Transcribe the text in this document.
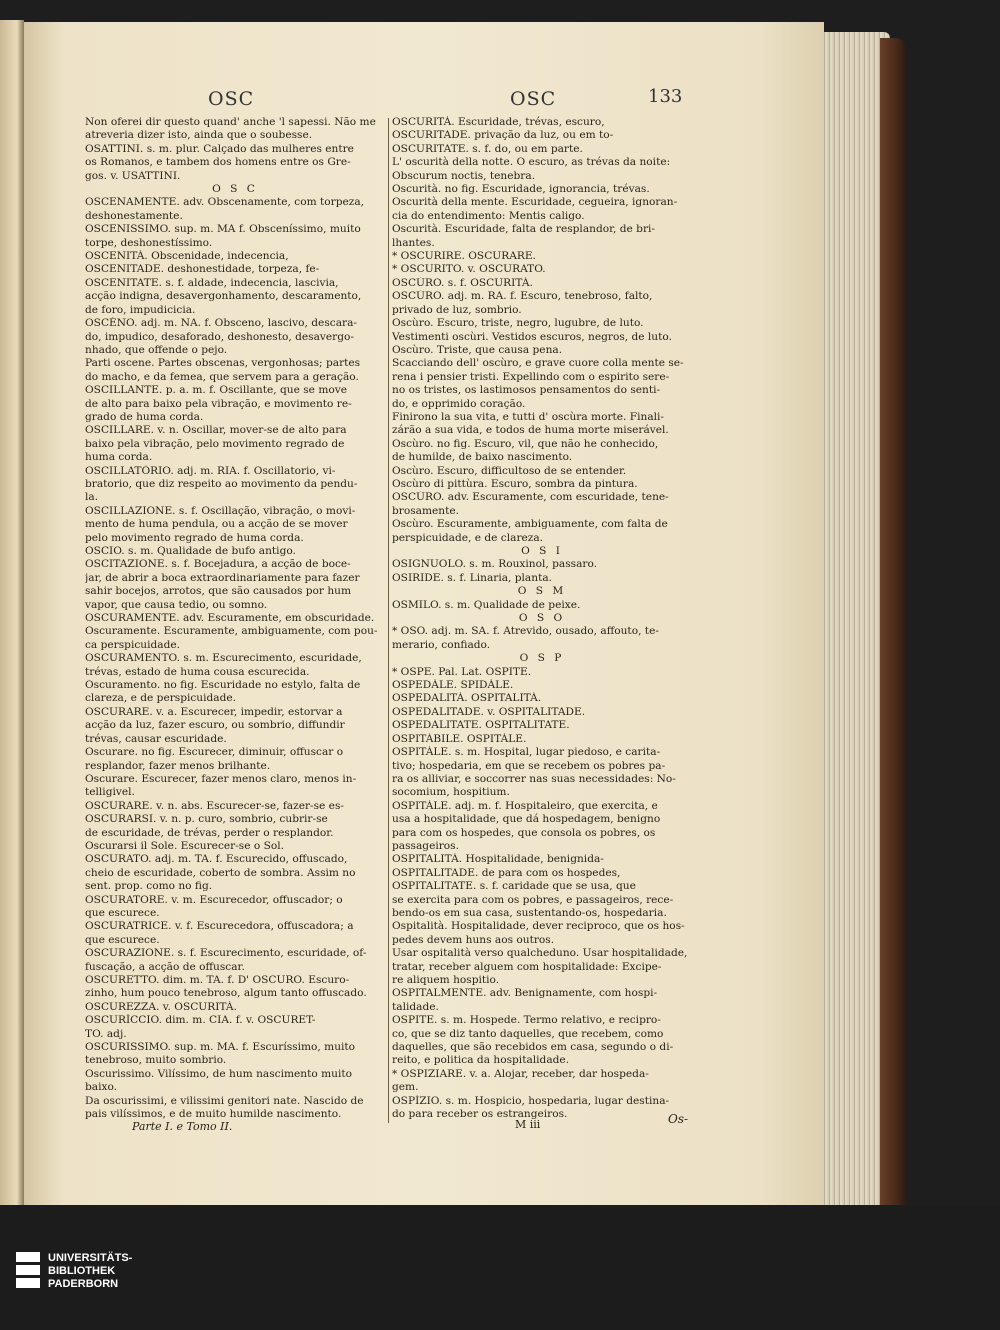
OSC	OSC	133
Non oferei dir questo quand' anche 'l sapessi. Não me
atreveria dizer isto, ainda que o soubesse.
OSATTINI. s. m. plur. Calçado das mulheres entre
os Romanos, e tambem dos homens entre os Gre-
gos. v. USATTINI.
O S C
OSCENAMENTE. adv. Obscenamente, com torpeza,
deshonestamente.
OSCENISSIMO. sup. m. MA f. Obsceníssimo, muito
torpe, deshonestíssimo.
OSCENITÀ. Obscenidade, indecencia,
OSCENITADE. deshonestidade, torpeza, fe-
OSCENITATE. s. f. aldade, indecencia, lascivia,
acção indigna, desavergonhamento, descaramento,
de foro, impudicicia.
OSCÈNO. adj. m. NA. f. Obsceno, lascivo, descara-
do, impudico, desaforado, deshonesto, desavergo-
nhado, que offende o pejo.
Parti oscene. Partes obscenas, vergonhosas; partes
do macho, e da femea, que servem para a geração.
OSCILLANTE. p. a. m. f. Oscillante, que se move
de alto para baixo pela vibração, e movimento re-
grado de huma corda.
OSCILLARE. v. n. Oscillar, mover-se de alto para
baixo pela vibração, pelo movimento regrado de
huma corda.
OSCILLATÒRIO. adj. m. RIA. f. Oscillatorio, vi-
bratorio, que diz respeito ao movimento da pendu-
la.
OSCILLAZIONE. s. f. Oscillação, vibração, o movi-
mento de huma pendula, ou a acção de se mover
pelo movimento regrado de huma corda.
OSCIO. s. m. Qualidade de bufo antigo.
OSCITAZIONE. s. f. Bocejadura, a acção de boce-
jar, de abrir a boca extraordinariamente para fazer
sahir bocejos, arrotos, que são causados por hum
vapor, que causa tedio, ou somno.
OSCURAMENTE. adv. Escuramente, em obscuridade.
Oscuramente. Escuramente, ambiguamente, com pou-
ca perspicuidade.
OSCURAMENTO. s. m. Escurecimento, escuridade,
trévas, estado de huma cousa escurecida.
Oscuramento. no fig. Escuridade no estylo, falta de
clareza, e de perspicuidade.
OSCURARE. v. a. Escurecer, impedir, estorvar a
acção da luz, fazer escuro, ou sombrio, diffundir
trévas, causar escuridade.
Oscurare. no fig. Escurecer, diminuir, offuscar o
resplandor, fazer menos brilhante.
Oscurare. Escurecer, fazer menos claro, menos in-
telligivel.
OSCURARE. v. n. abs. Escurecer-se, fazer-se es-
OSCURARSI. v. n. p. curo, sombrio, cubrir-se
de escuridade, de trévas, perder o resplandor.
Oscurarsi il Sole. Escurecer-se o Sol.
OSCURATO. adj. m. TA. f. Escurecido, offuscado,
cheio de escuridade, coberto de sombra. Assim no
sent. prop. como no fig.
OSCURATORE. v. m. Escurecedor, offuscador; o
que escurece.
OSCURATRICE. v. f. Escurecedora, offuscadora; a
que escurece.
OSCURAZIONE. s. f. Escurecimento, escuridade, of-
fuscação, a acção de offuscar.
OSCURETTO. dim. m. TA. f. D' OSCURO. Escuro-
zinho, hum pouco tenebroso, algum tanto offuscado.
OSCUREZZA. v. OSCURITÀ.
OSCURÌCCIO. dim. m. CIA. f. v. OSCURET-
TO. adj.
OSCURISSIMO. sup. m. MA. f. Escuríssimo, muito
tenebroso, muito sombrio.
Oscurissimo. Vilíssimo, de hum nascimento muito
baixo.
Da oscurissimi, e vilissimi genitori nate. Nascido de
pais vilíssimos, e de muito humilde nascimento.
OSCURITÀ. Escuridade, trévas, escuro,
OSCURITADE. privação da luz, ou em to-
OSCURITATE. s. f. do, ou em parte.
L' oscurità della notte. O escuro, as trévas da noite:
Obscurum noctis, tenebra.
Oscurità. no fig. Escuridade, ignorancia, trévas.
Oscurità della mente. Escuridade, cegueira, ignoran-
cia do entendimento: Mentis caligo.
Oscurità. Escuridade, falta de resplandor, de bri-
lhantes.
* OSCURIRE. OSCURARE.
* OSCURITO. v. OSCURATO.
OSCÙRO. s. f. OSCURITÀ.
OSCÙRO. adj. m. RA. f. Escuro, tenebroso, falto,
privado de luz, sombrio.
Oscùro. Escuro, triste, negro, lugubre, de luto.
Vestimenti oscùri. Vestidos escuros, negros, de luto.
Oscùro. Triste, que causa pena.
Scacciando dell' oscùro, e grave cuore colla mente se-
rena i pensier tristi. Expellindo com o espirito sere-
no os tristes, os lastimosos pensamentos do senti-
do, e opprimido coração.
Finirono la sua vita, e tutti d' oscùra morte. Finali-
zárão a sua vida, e todos de huma morte miserável.
Oscùro. no fig. Escuro, vil, que não he conhecido,
de humilde, de baixo nascimento.
Oscùro. Escuro, difficultoso de se entender.
Oscùro di pittùra. Escuro, sombra da pintura.
OSCÙRO. adv. Escuramente, com escuridade, tene-
brosamente.
Oscùro. Escuramente, ambiguamente, com falta de
perspicuidade, e de clareza.
O S I
OSIGNUOLO. s. m. Rouxinol, passaro.
OSIRIDE. s. f. Linaria, planta.
O S M
OSMILO. s. m. Qualidade de peixe.
O S O
* OSO. adj. m. SA. f. Atrevido, ousado, affouto, te-
merario, confiado.
O S P
* OSPE. Pal. Lat. OSPITE.
OSPEDÀLE. SPIDÀLE.
OSPEDALITÀ. OSPITALITÀ.
OSPEDALITADE. v. OSPITALITADE.
OSPEDALITATE. OSPITALITATE.
OSPITÀBILE. OSPITÀLE.
OSPITÀLE. s. m. Hospital, lugar piedoso, e carita-
tivo; hospedaria, em que se recebem os pobres pa-
ra os alliviar, e soccorrer nas suas necessidades: No-
socomium, hospitium.
OSPITÀLE. adj. m. f. Hospitaleiro, que exercita, e
usa a hospitalidade, que dá hospedagem, benigno
para com os hospedes, que consola os pobres, os
passageiros.
OSPITALITÀ. Hospitalidade, benignida-
OSPITALITADE. de para com os hospedes,
OSPITALITATE. s. f. caridade que se usa, que
se exercita para com os pobres, e passageiros, rece-
bendo-os em sua casa, sustentando-os, hospedaria.
Ospitalità. Hospitalidade, dever reciproco, que os hos-
pedes devem huns aos outros.
Usar ospitalità verso qualcheduno. Usar hospitalidade,
tratar, receber alguem com hospitalidade: Excipe-
re aliquem hospitio.
OSPITALMENTE. adv. Benignamente, com hospi-
talidade.
OSPITE. s. m. Hospede. Termo relativo, e recipro-
co, que se diz tanto daquelles, que recebem, como
daquelles, que são recebidos em casa, segundo o di-
reito, e politica da hospitalidade.
* OSPIZIARE. v. a. Alojar, receber, dar hospeda-
gem.
OSPÌZIO. s. m. Hospicio, hospedaria, lugar destina-
do para receber os estrangeiros.
Parte I. e Tomo II.	M iii	Os-
UNIVERSITÄTS-
BIBLIOTHEK
PADERBORN
